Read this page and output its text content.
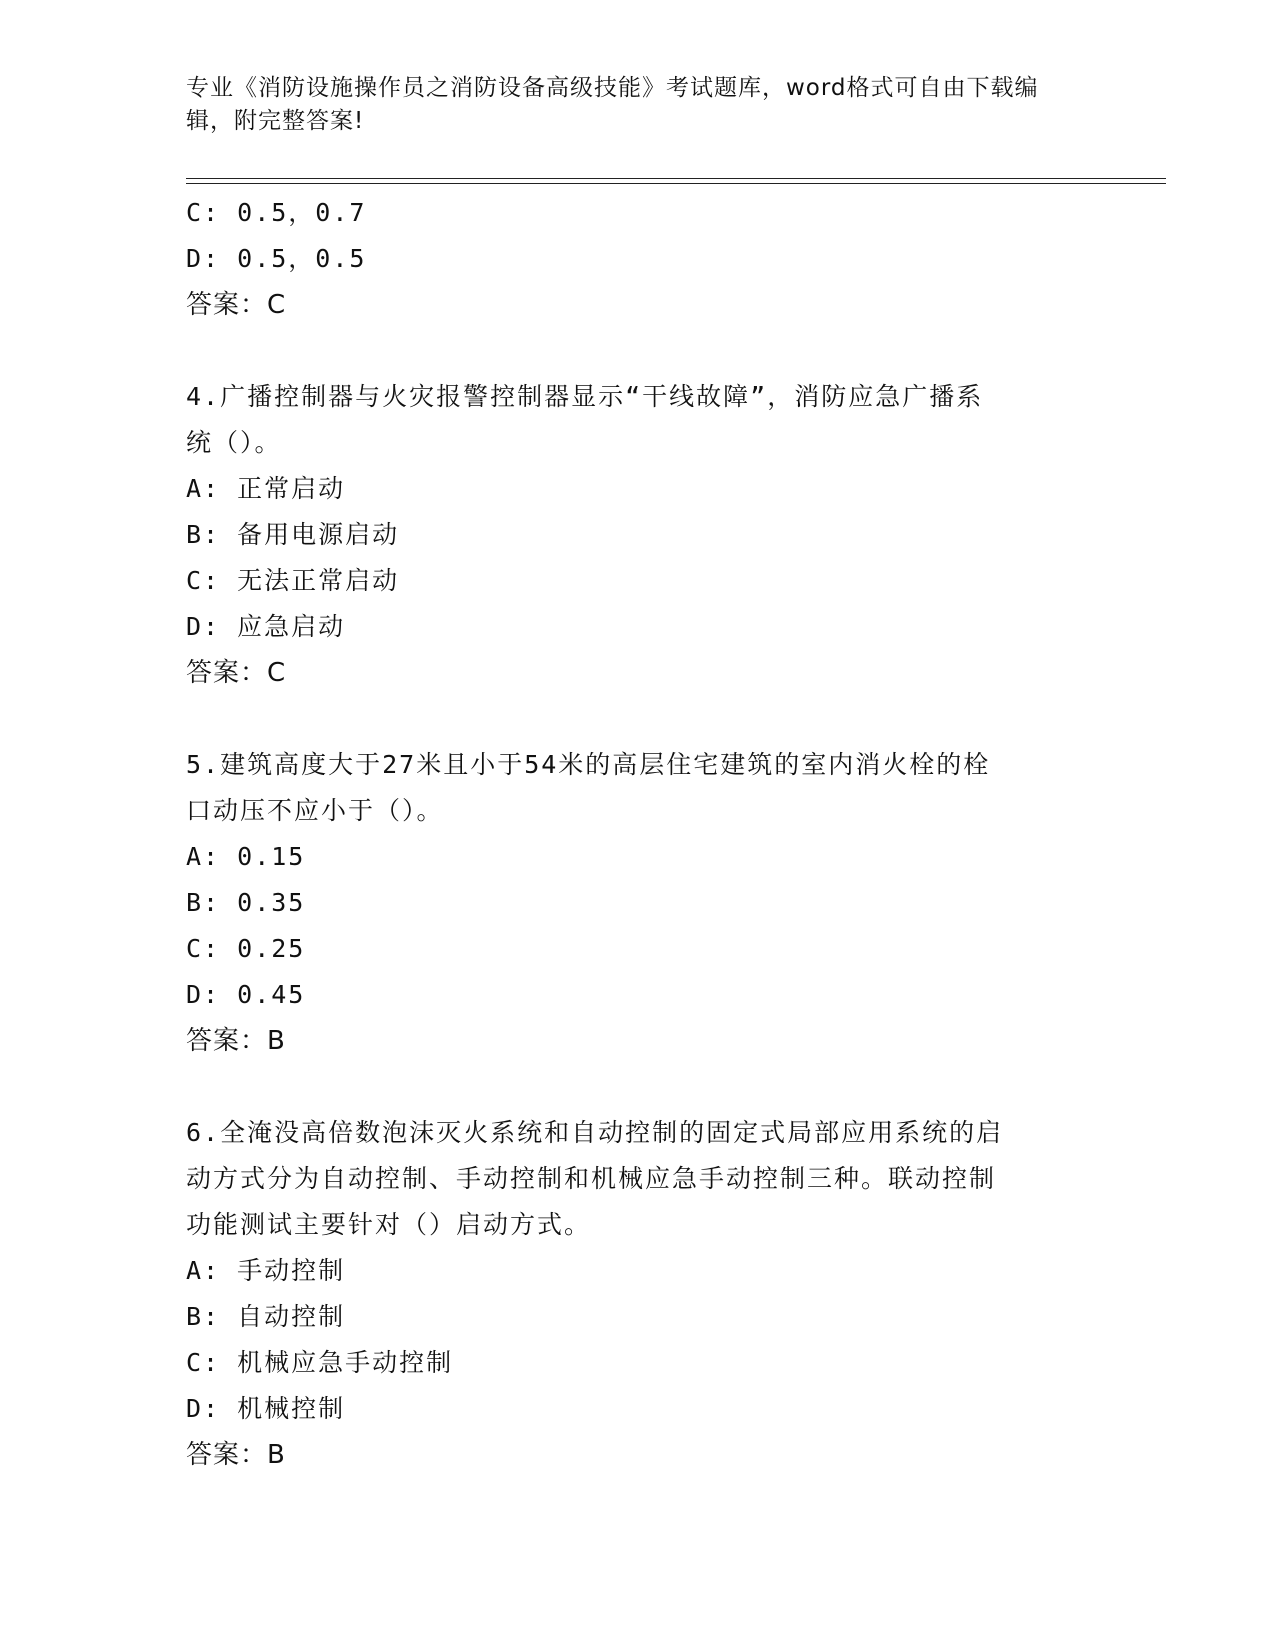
专业《消防设施操作员之消防设备高级技能》考试题库，word格式可自由下载编
辑，附完整答案!
C: 0.5，0.7
D: 0.5，0.5
答案：C
4.广播控制器与火灾报警控制器显示“干线故障”，消防应急广播系
统（）。
A: 正常启动
B: 备用电源启动
C: 无法正常启动
D: 应急启动
答案：C
5.建筑高度大于27米且小于54米的高层住宅建筑的室内消火栓的栓
口动压不应小于（）。
A: 0.15
B: 0.35
C: 0.25
D: 0.45
答案：B
6.全淹没高倍数泡沫灭火系统和自动控制的固定式局部应用系统的启
动方式分为自动控制、手动控制和机械应急手动控制三种。联动控制
功能测试主要针对（）启动方式。
A: 手动控制
B: 自动控制
C: 机械应急手动控制
D: 机械控制
答案：B
